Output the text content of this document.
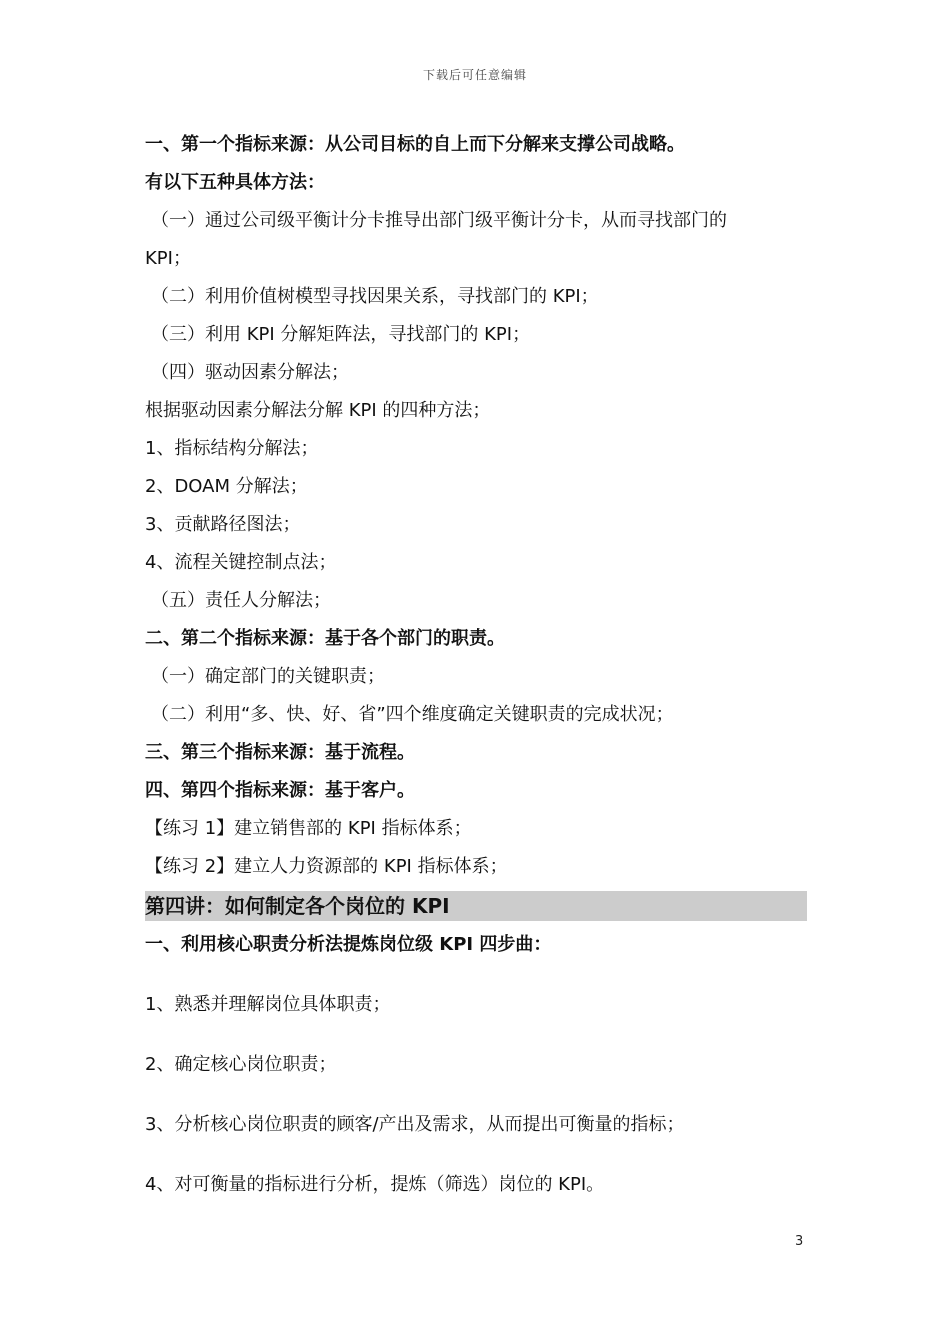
下载后可任意编辑
一、第一个指标来源：从公司目标的自上而下分解来支撑公司战略。
有以下五种具体方法：
（一）通过公司级平衡计分卡推导出部门级平衡计分卡，从而寻找部门的
KPI；
（二）利用价值树模型寻找因果关系，寻找部门的 KPI；
（三）利用 KPI 分解矩阵法，寻找部门的 KPI；
（四）驱动因素分解法；
根据驱动因素分解法分解 KPI 的四种方法；
1、指标结构分解法；
2、DOAM 分解法；
3、贡献路径图法；
4、流程关键控制点法；
（五）责任人分解法；
二、第二个指标来源：基于各个部门的职责。
（一）确定部门的关键职责；
（二）利用“多、快、好、省”四个维度确定关键职责的完成状况；
三、第三个指标来源：基于流程。
四、第四个指标来源：基于客户。
【练习 1】建立销售部的 KPI 指标体系；
【练习 2】建立人力资源部的 KPI 指标体系；
第四讲：如何制定各个岗位的 KPI
一、利用核心职责分析法提炼岗位级 KPI 四步曲：
1、熟悉并理解岗位具体职责；
2、确定核心岗位职责；
3、分析核心岗位职责的顾客/产出及需求，从而提出可衡量的指标；
4、对可衡量的指标进行分析，提炼（筛选）岗位的 KPI。
3
